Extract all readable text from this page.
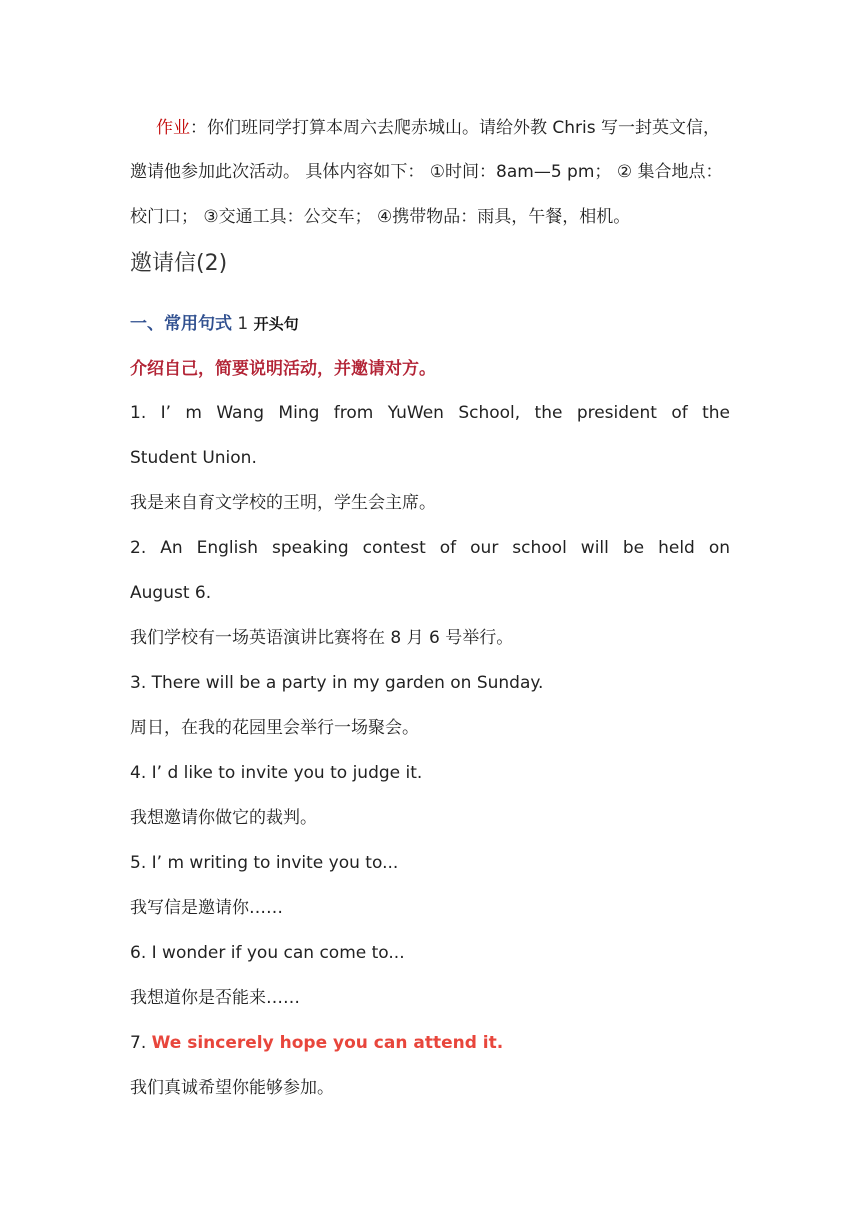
作业：你们班同学打算本周六去爬赤城山。请给外教 Chris 写一封英文信，
邀请他参加此次活动。 具体内容如下： ①时间：8am—5 pm； ② 集合地点：
校门口； ③交通工具：公交车； ④携带物品：雨具，午餐，相机。
邀请信(2)
一、常用句式 1 开头句
介绍自己，简要说明活动，并邀请对方。
1. I’ m Wang Ming from YuWen School, the president of the
Student Union.
我是来自育文学校的王明，学生会主席。
2. An English speaking contest of our school will be held on
August 6.
我们学校有一场英语演讲比赛将在 8 月 6 号举行。
3. There will be a party in my garden on Sunday.
周日，在我的花园里会举行一场聚会。
4. I’ d like to invite you to judge it.
我想邀请你做它的裁判。
5. I’ m writing to invite you to...
我写信是邀请你……
6. I wonder if you can come to...
我想道你是否能来……
7. We sincerely hope you can attend it.
我们真诚希望你能够参加。
